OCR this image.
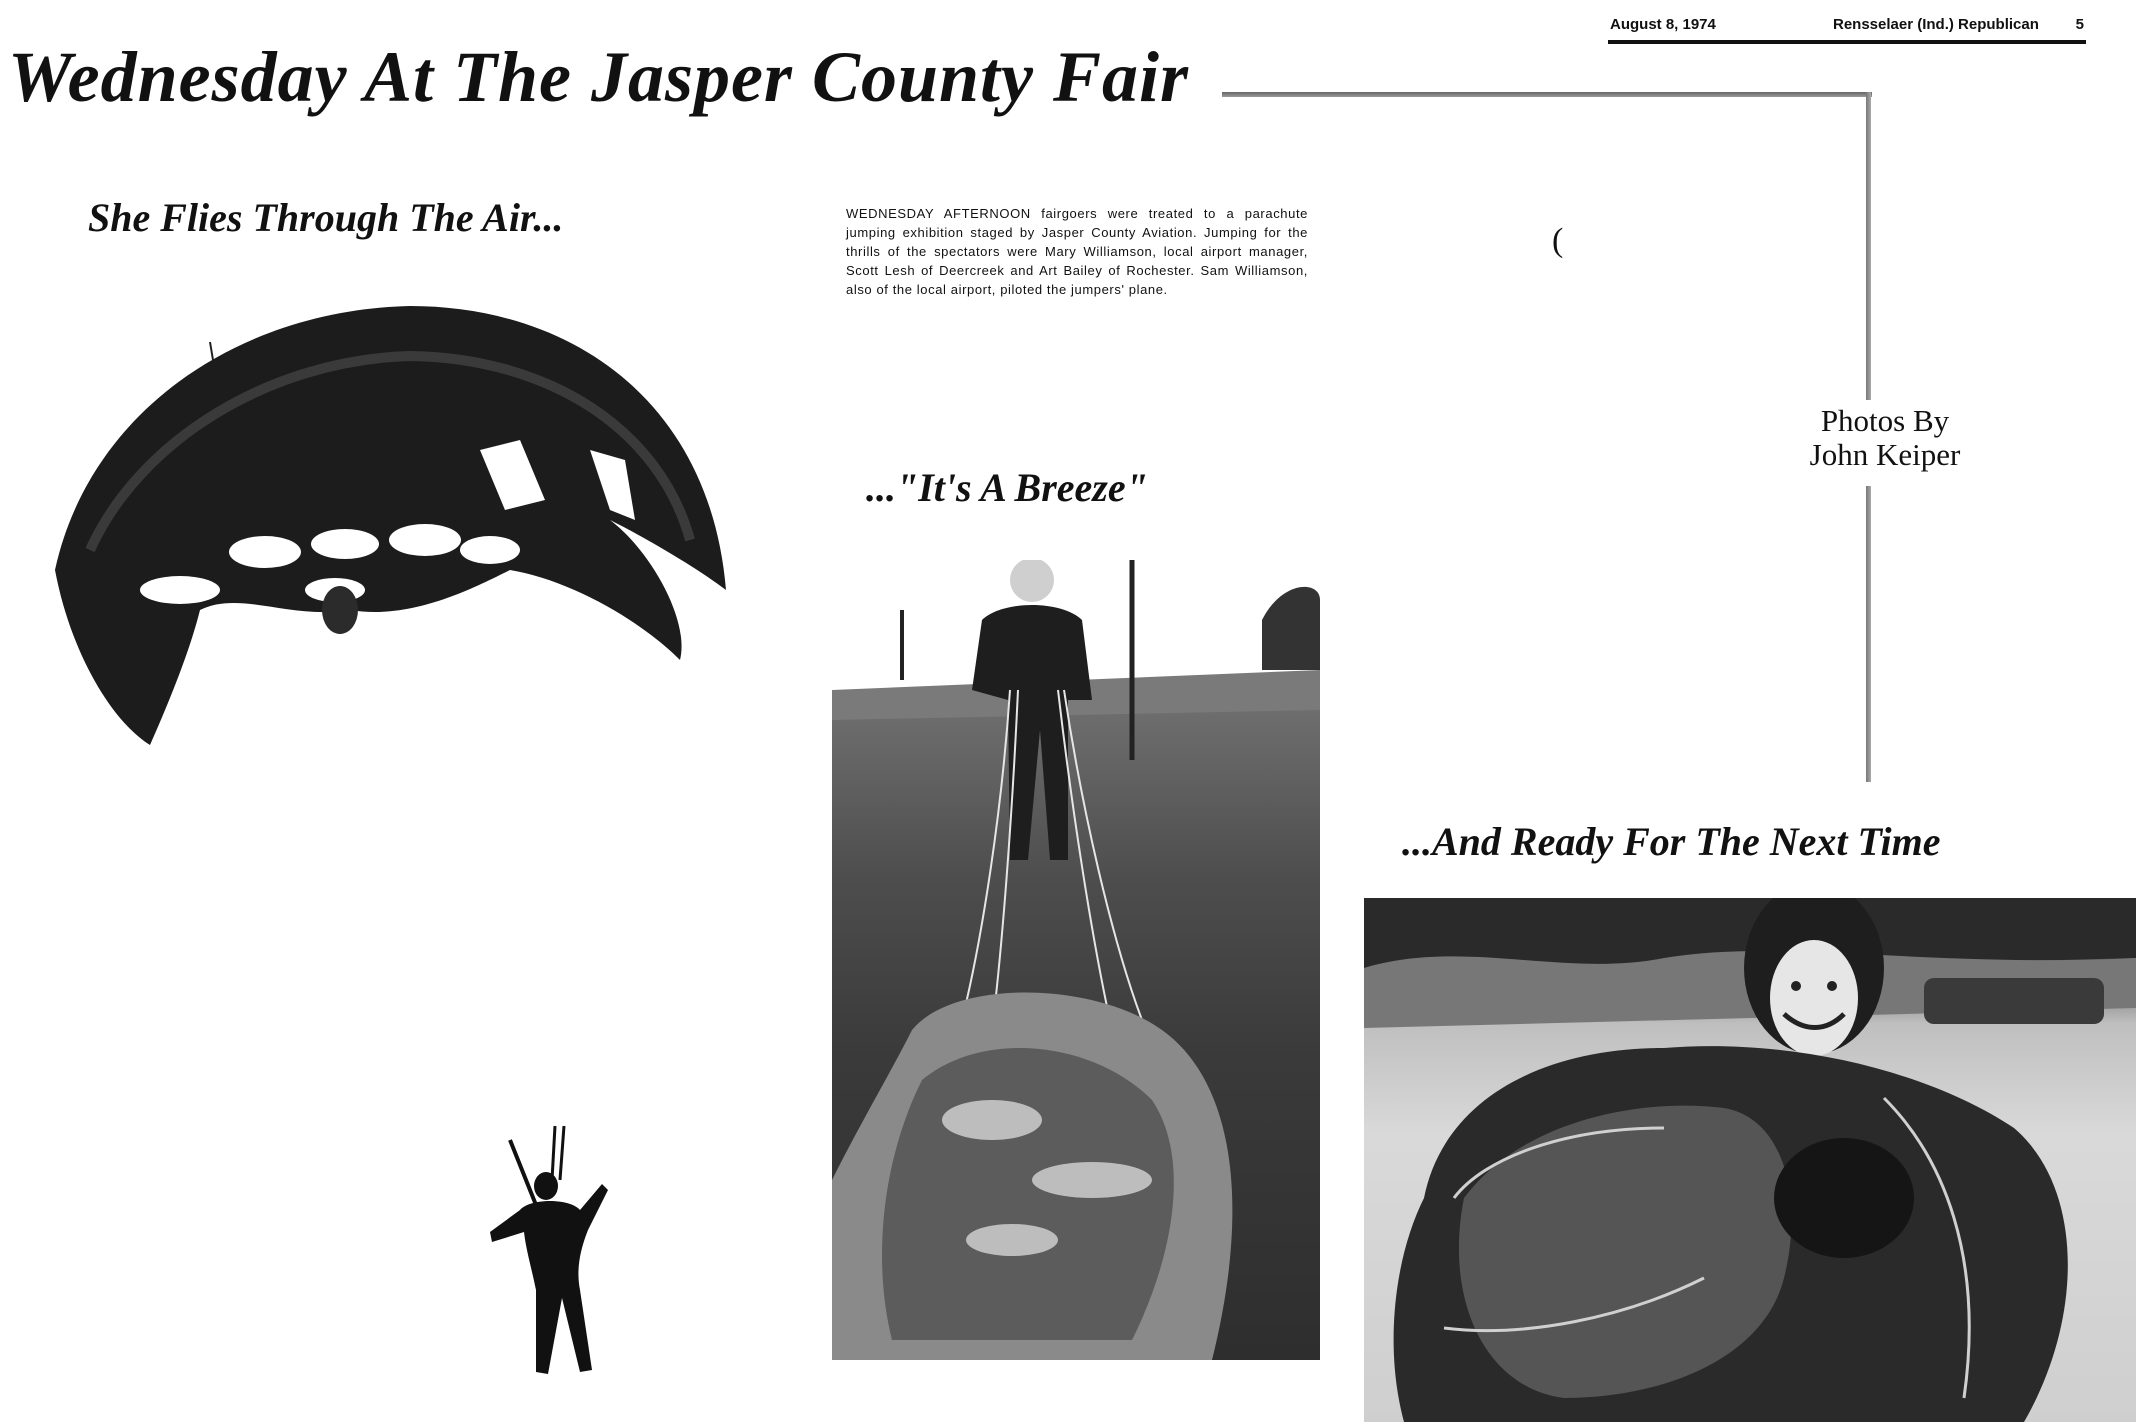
August 8, 1974	Rensselaer (Ind.) Republican 5
Wednesday At The Jasper County Fair
Photos By
John Keiper
She Flies Through The Air...	WEDNESDAY AFTERNOON fairgoers were treated to a parachute jumping exhibition staged by Jasper County Aviation. Jumping for the thrills of the spectators were Mary Williamson, local airport manager, Scott Lesh of Deercreek and Art Bailey of Rochester. Sam Williamson, also of the local airport, piloted the jumpers' plane.
(
..."It's A Breeze"
...And Ready For The Next Time
